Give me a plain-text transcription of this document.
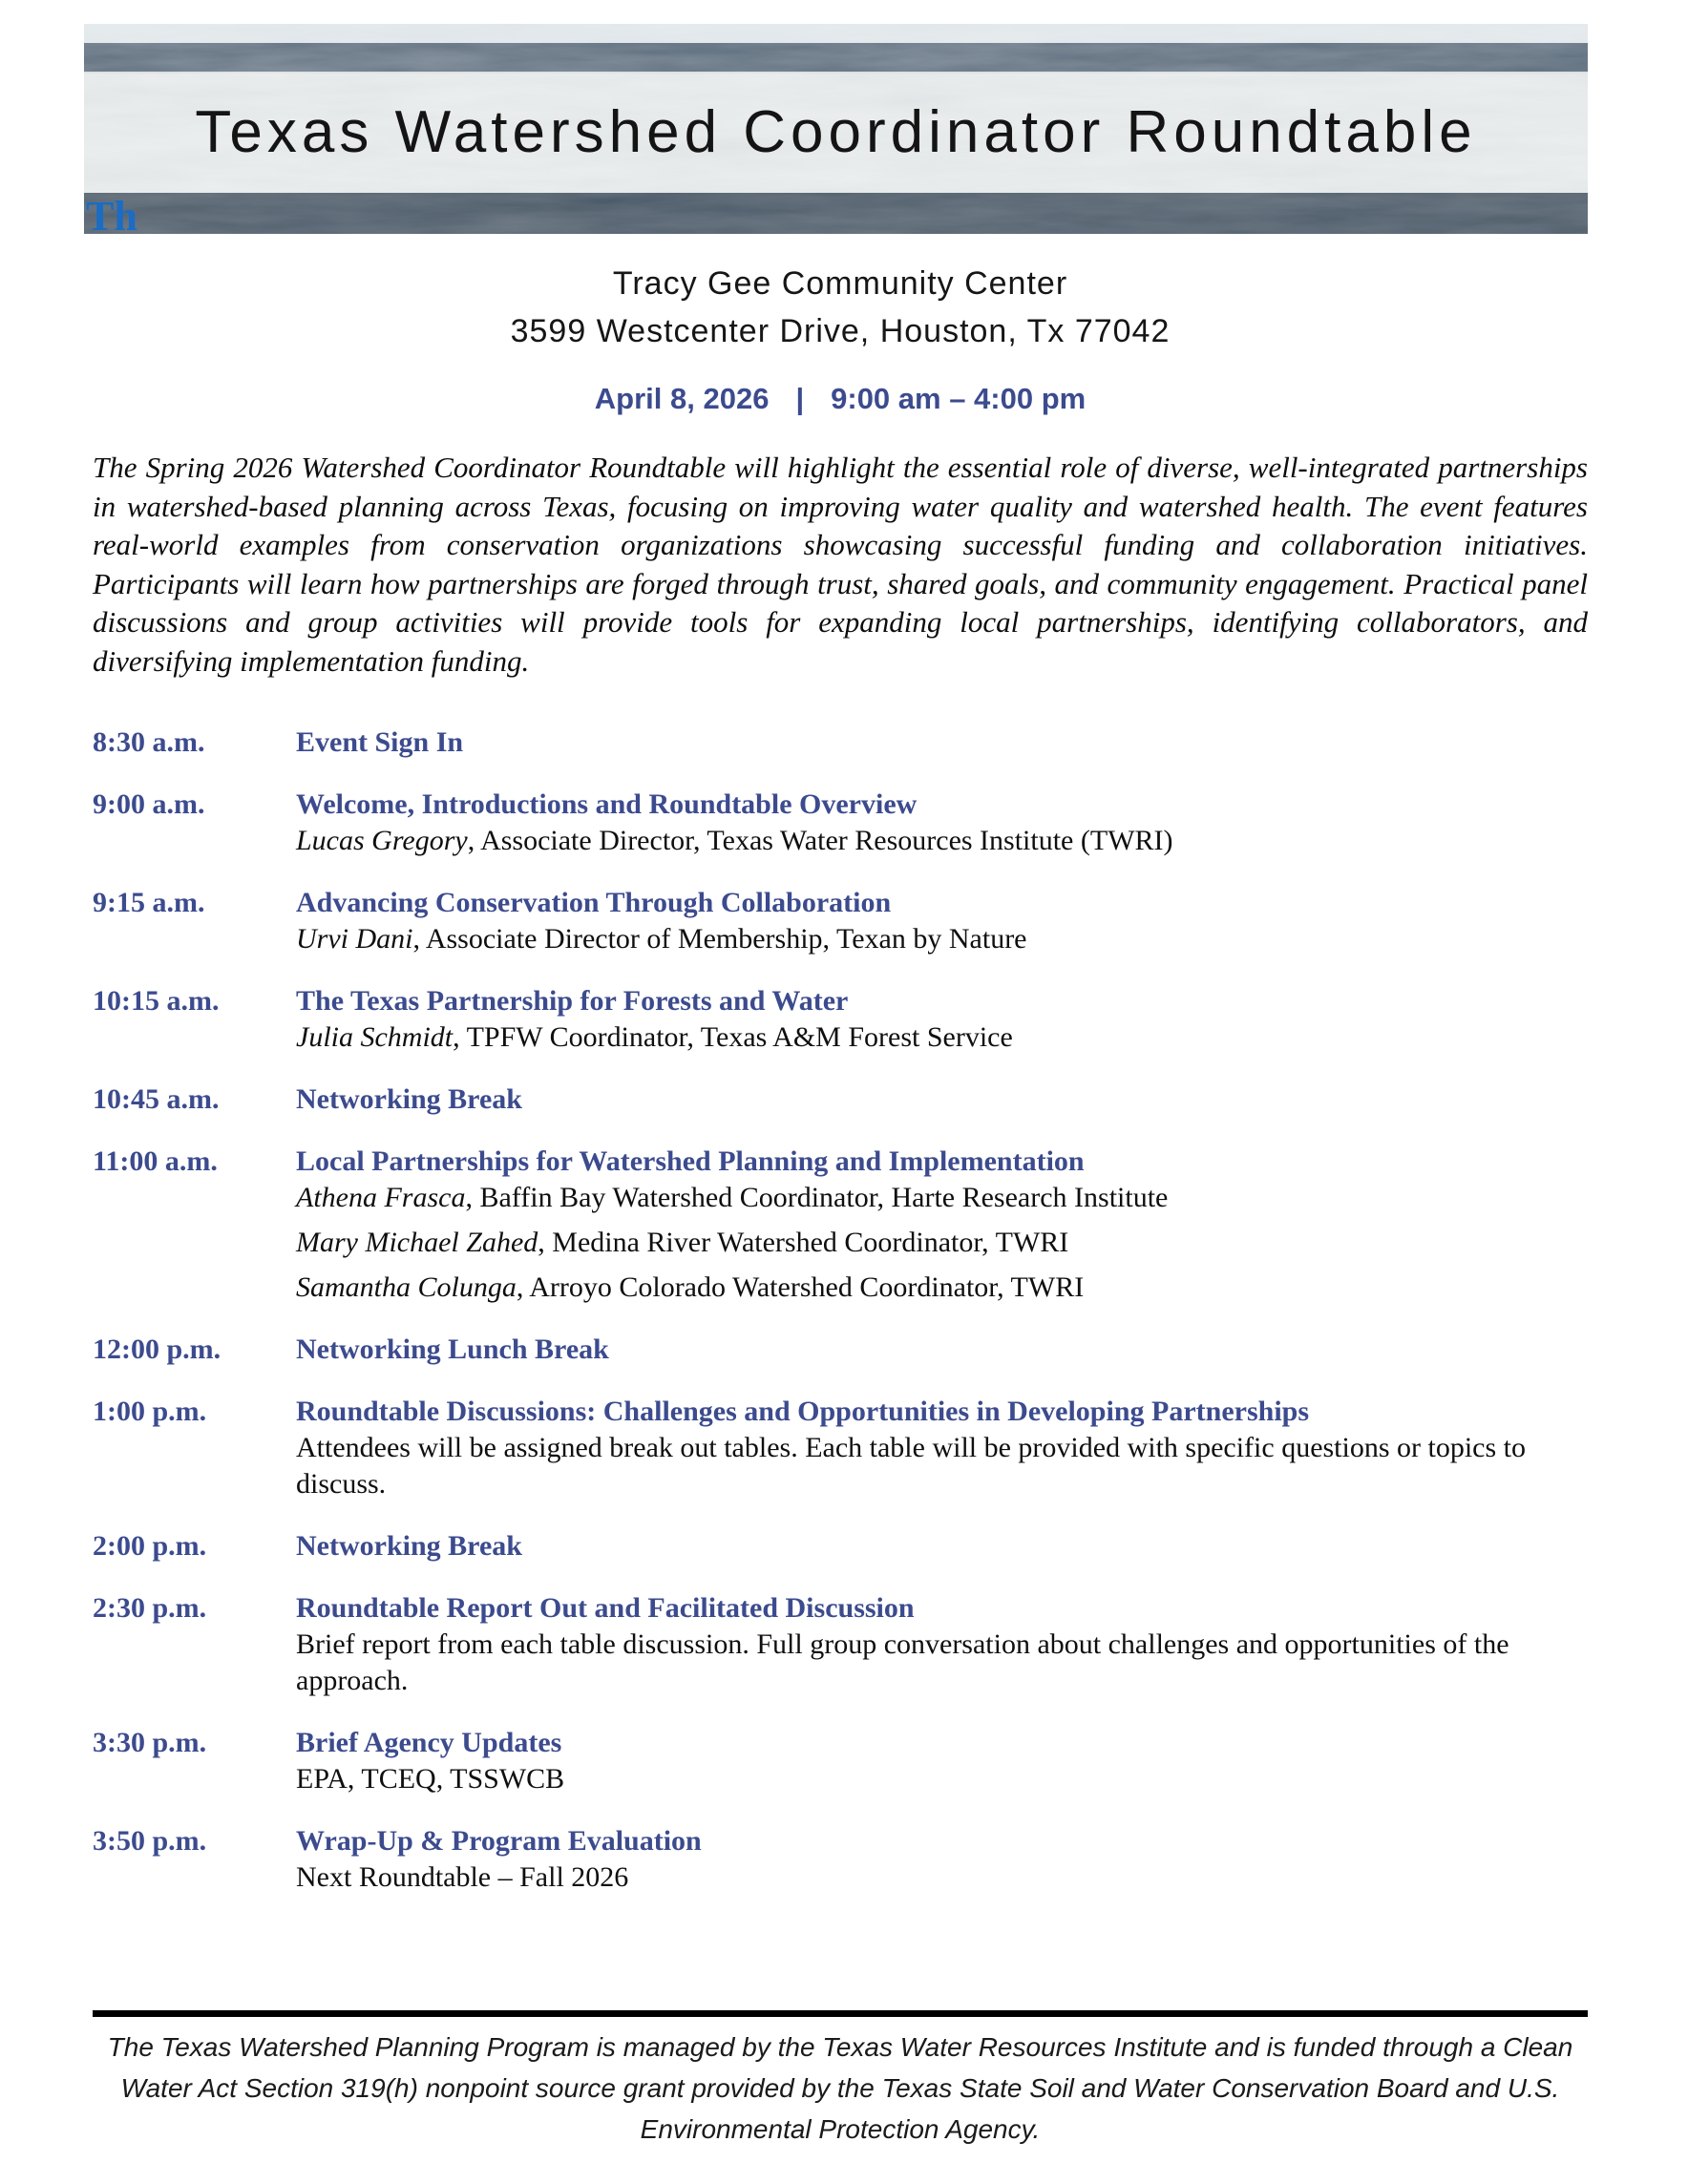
Texas Watershed Coordinator Roundtable
Th
Tracy Gee Community Center
3599 Westcenter Drive, Houston, Tx 77042
April 8, 2026 | 9:00 am – 4:00 pm

The Spring 2026 Watershed Coordinator Roundtable will highlight the essential role of diverse, well-integrated partnerships in watershed-based planning across Texas, focusing on improving water quality and watershed health. The event features real-world examples from conservation organizations showcasing successful funding and collaboration initiatives. Participants will learn how partnerships are forged through trust, shared goals, and community engagement. Practical panel discussions and group activities will provide tools for expanding local partnerships, identifying collaborators, and diversifying implementation funding.

8:30 a.m.	Event Sign In
9:00 a.m.	Welcome, Introductions and Roundtable Overview

Lucas Gregory, Associate Director, Texas Water Resources Institute (TWRI)

9:15 a.m.	Advancing Conservation Through Collaboration

Urvi Dani, Associate Director of Membership, Texan by Nature

10:15 a.m.	The Texas Partnership for Forests and Water

Julia Schmidt, TPFW Coordinator, Texas A&M Forest Service

10:45 a.m.	Networking Break
11:00 a.m.	Local Partnerships for Watershed Planning and Implementation

Athena Frasca, Baffin Bay Watershed Coordinator, Harte Research Institute

Mary Michael Zahed, Medina River Watershed Coordinator, TWRI

Samantha Colunga, Arroyo Colorado Watershed Coordinator, TWRI

12:00 p.m.	Networking Lunch Break
1:00 p.m.	Roundtable Discussions: Challenges and Opportunities in Developing Partnerships

Attendees will be assigned break out tables. Each table will be provided with specific questions or topics to discuss.

2:00 p.m.	Networking Break
2:30 p.m.	Roundtable Report Out and Facilitated Discussion

Brief report from each table discussion. Full group conversation about challenges and opportunities of the approach.

3:30 p.m.	Brief Agency Updates

EPA, TCEQ, TSSWCB

3:50 p.m.	Wrap-Up & Program Evaluation

Next Roundtable – Fall 2026

The Texas Watershed Planning Program is managed by the Texas Water Resources Institute and is funded through a Clean Water Act Section 319(h) nonpoint source grant provided by the Texas State Soil and Water Conservation Board and U.S. Environmental Protection Agency.
